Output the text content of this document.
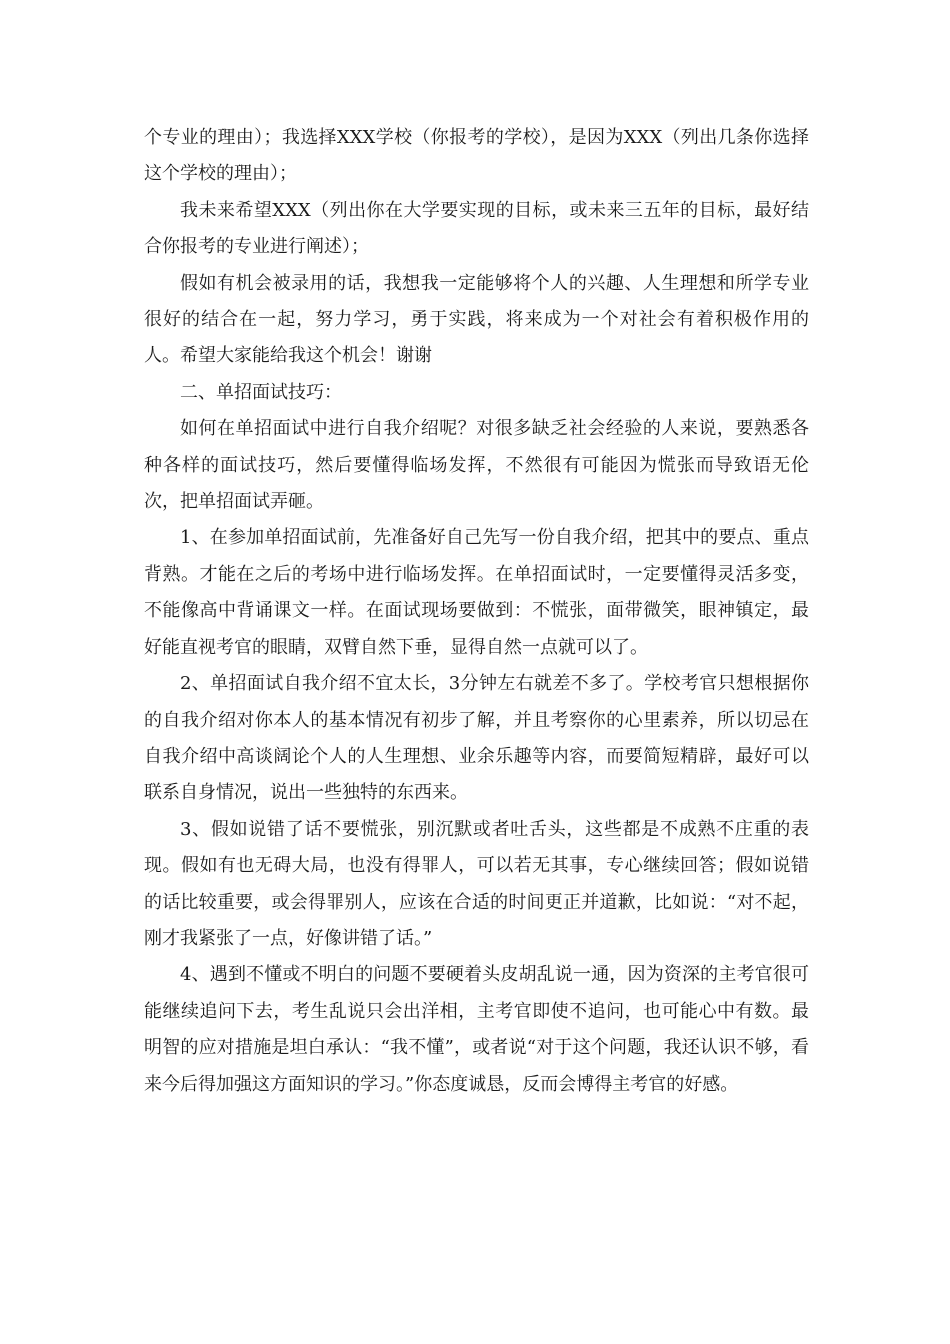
个专业的理由）；我选择XXX学校（你报考的学校），是因为XXX（列出几条你选择这个学校的理由）；

我未来希望XXX（列出你在大学要实现的目标，或未来三五年的目标，最好结合你报考的专业进行阐述）；

假如有机会被录用的话，我想我一定能够将个人的兴趣、人生理想和所学专业很好的结合在一起，努力学习，勇于实践，将来成为一个对社会有着积极作用的人。希望大家能给我这个机会！谢谢

二、单招面试技巧：

如何在单招面试中进行自我介绍呢？对很多缺乏社会经验的人来说，要熟悉各种各样的面试技巧，然后要懂得临场发挥，不然很有可能因为慌张而导致语无伦次，把单招面试弄砸。

1、在参加单招面试前，先准备好自己先写一份自我介绍，把其中的要点、重点背熟。才能在之后的考场中进行临场发挥。在单招面试时，一定要懂得灵活多变，不能像高中背诵课文一样。在面试现场要做到：不慌张，面带微笑，眼神镇定，最好能直视考官的眼睛，双臂自然下垂，显得自然一点就可以了。

2、单招面试自我介绍不宜太长，3分钟左右就差不多了。学校考官只想根据你的自我介绍对你本人的基本情况有初步了解，并且考察你的心里素养，所以切忌在自我介绍中高谈阔论个人的人生理想、业余乐趣等内容，而要简短精辟，最好可以联系自身情况，说出一些独特的东西来。

3、假如说错了话不要慌张，别沉默或者吐舌头，这些都是不成熟不庄重的表现。假如有也无碍大局，也没有得罪人，可以若无其事，专心继续回答；假如说错的话比较重要，或会得罪别人，应该在合适的时间更正并道歉，比如说：“对不起，刚才我紧张了一点，好像讲错了话。”

4、遇到不懂或不明白的问题不要硬着头皮胡乱说一通，因为资深的主考官很可能继续追问下去，考生乱说只会出洋相，主考官即使不追问，也可能心中有数。最明智的应对措施是坦白承认：“我不懂”，或者说“对于这个问题，我还认识不够，看来今后得加强这方面知识的学习。”你态度诚恳，反而会博得主考官的好感。
